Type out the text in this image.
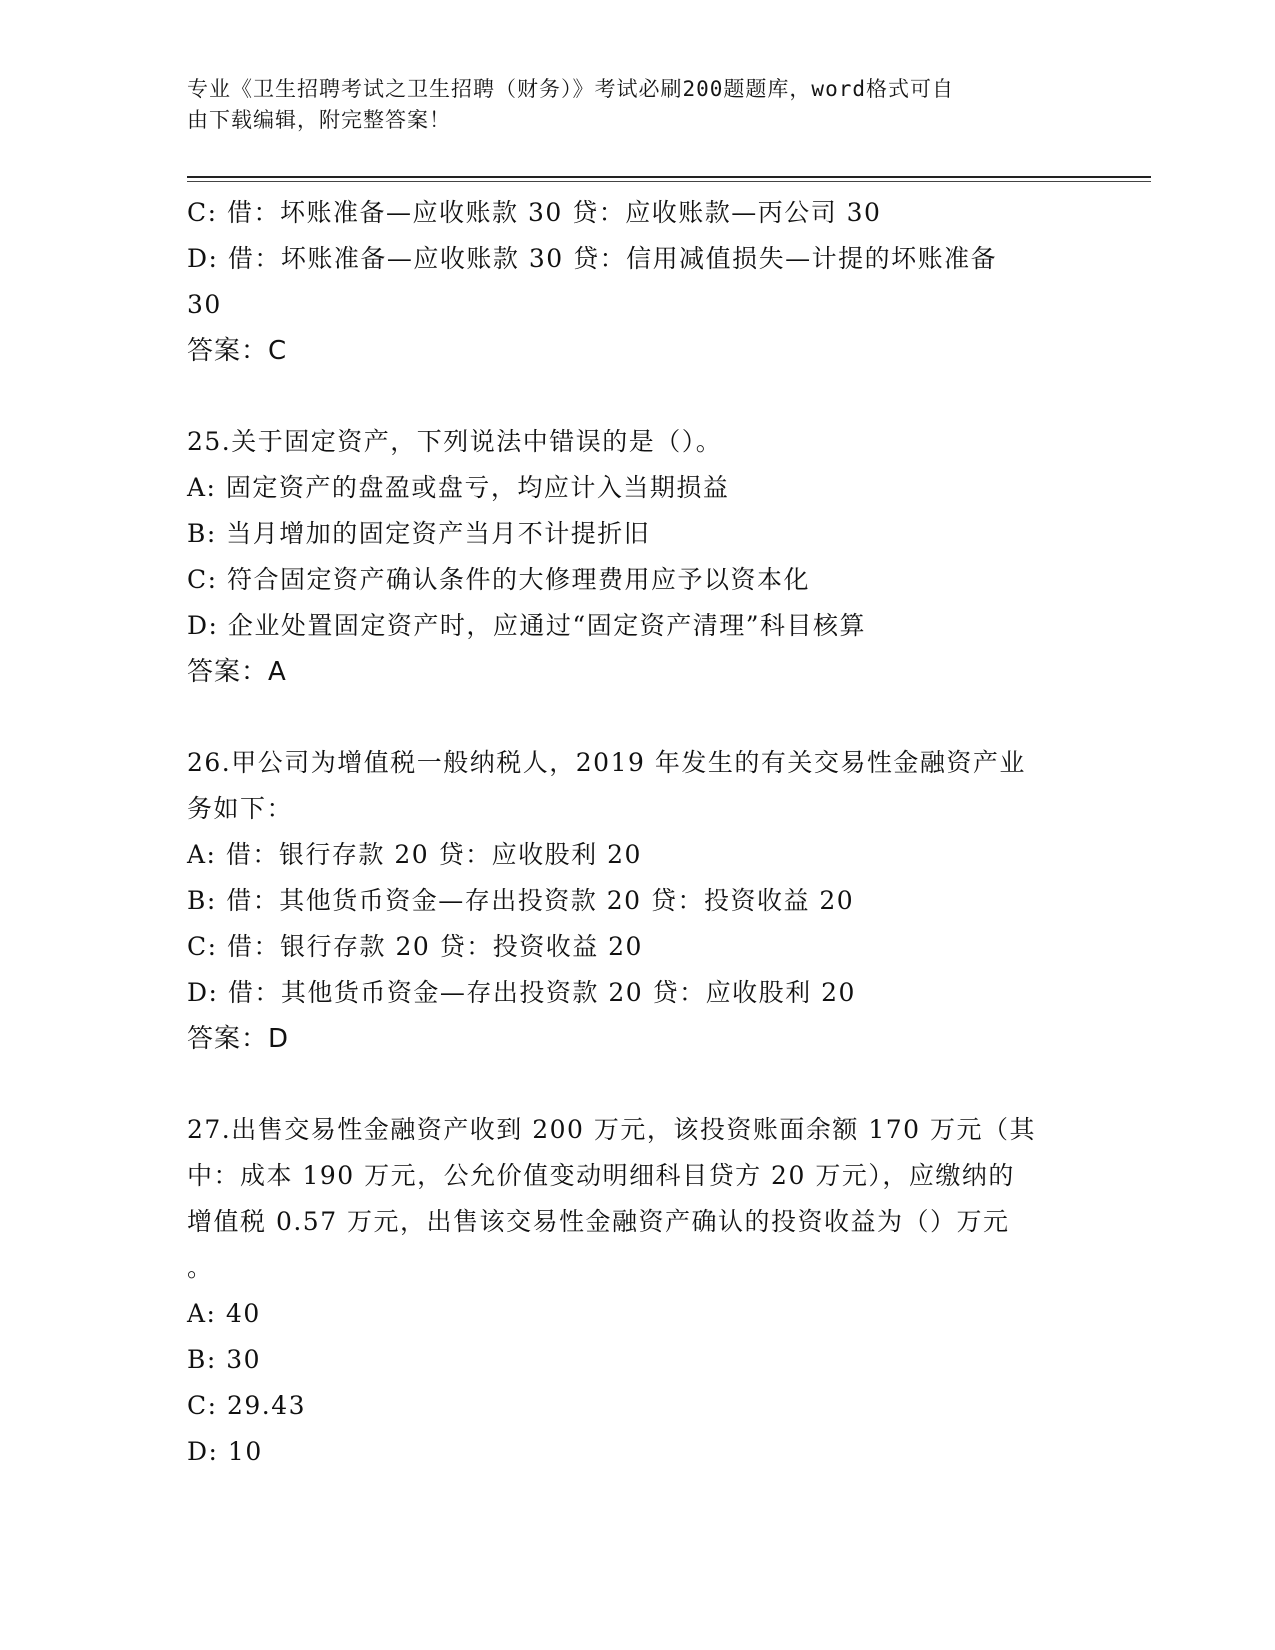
专业《卫生招聘考试之卫生招聘（财务）》考试必刷200题题库，word格式可自
由下载编辑，附完整答案！
C: 借：坏账准备—应收账款 30 贷：应收账款—丙公司 30
D: 借：坏账准备—应收账款 30 贷：信用减值损失—计提的坏账准备
30
答案：C
25.关于固定资产，下列说法中错误的是（）。
A: 固定资产的盘盈或盘亏，均应计入当期损益
B: 当月增加的固定资产当月不计提折旧
C: 符合固定资产确认条件的大修理费用应予以资本化
D: 企业处置固定资产时，应通过“固定资产清理”科目核算
答案：A
26.甲公司为增值税一般纳税人，2019 年发生的有关交易性金融资产业
务如下：
A: 借：银行存款 20 贷：应收股利 20
B: 借：其他货币资金—存出投资款 20 贷：投资收益 20
C: 借：银行存款 20 贷：投资收益 20
D: 借：其他货币资金—存出投资款 20 贷：应收股利 20
答案：D
27.出售交易性金融资产收到 200 万元，该投资账面余额 170 万元（其
中：成本 190 万元，公允价值变动明细科目贷方 20 万元），应缴纳的
增值税 0.57 万元，出售该交易性金融资产确认的投资收益为（）万元
。
A: 40
B: 30
C: 29.43
D: 10
